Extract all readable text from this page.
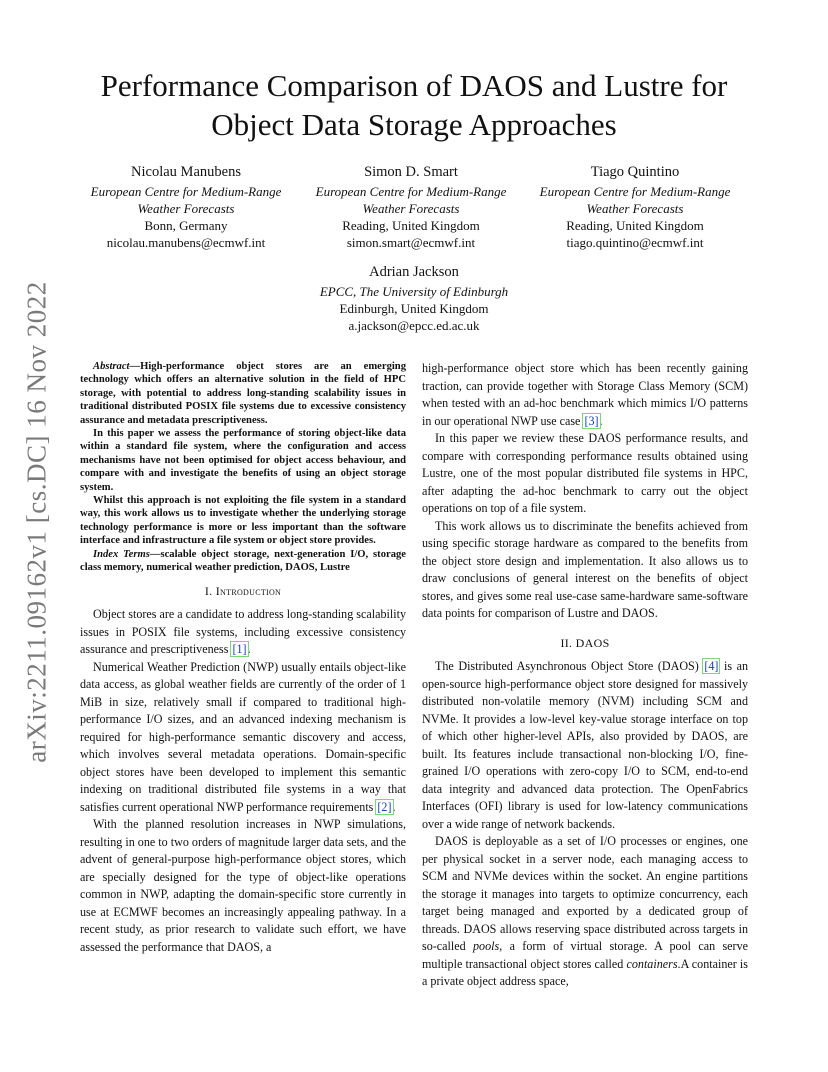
arXiv:2211.09162v1 [cs.DC] 16 Nov 2022
Performance Comparison of DAOS and Lustre for
Object Data Storage Approaches
Nicolau Manubens
European Centre for Medium-Range
Weather Forecasts
Bonn, Germany
nicolau.manubens@ecmwf.int
Simon D. Smart
European Centre for Medium-Range
Weather Forecasts
Reading, United Kingdom
simon.smart@ecmwf.int
Tiago Quintino
European Centre for Medium-Range
Weather Forecasts
Reading, United Kingdom
tiago.quintino@ecmwf.int
Adrian Jackson
EPCC, The University of Edinburgh
Edinburgh, United Kingdom
a.jackson@epcc.ed.ac.uk

Abstract—High-performance object stores are an emerging technology which offers an alternative solution in the field of HPC storage, with potential to address long-standing scalability issues in traditional distributed POSIX file systems due to excessive consistency assurance and metadata prescriptiveness.

In this paper we assess the performance of storing object-like data within a standard file system, where the configuration and access mechanisms have not been optimised for object access behaviour, and compare with and investigate the benefits of using an object storage system.

Whilst this approach is not exploiting the file system in a standard way, this work allows us to investigate whether the underlying storage technology performance is more or less important than the software interface and infrastructure a file system or object store provides.

Index Terms—scalable object storage, next-generation I/O, storage class memory, numerical weather prediction, DAOS, Lustre

I. Introduction

Object stores are a candidate to address long-standing scalability issues in POSIX file systems, including excessive consistency assurance and prescriptiveness [1].

Numerical Weather Prediction (NWP) usually entails object-like data access, as global weather fields are currently of the order of 1 MiB in size, relatively small if compared to traditional high-performance I/O sizes, and an advanced indexing mechanism is required for high-performance semantic discovery and access, which involves several metadata operations. Domain-specific object stores have been developed to implement this semantic indexing on traditional distributed file systems in a way that satisfies current operational NWP performance requirements [2].

With the planned resolution increases in NWP simulations, resulting in one to two orders of magnitude larger data sets, and the advent of general-purpose high-performance object stores, which are specially designed for the type of object-like operations common in NWP, adapting the domain-specific store currently in use at ECMWF becomes an increasingly appealing pathway. In a recent study, as prior research to validate such effort, we have assessed the performance that DAOS, a

high-performance object store which has been recently gaining traction, can provide together with Storage Class Memory (SCM) when tested with an ad-hoc benchmark which mimics I/O patterns in our operational NWP use case [3].

In this paper we review these DAOS performance results, and compare with corresponding performance results obtained using Lustre, one of the most popular distributed file systems in HPC, after adapting the ad-hoc benchmark to carry out the object operations on top of a file system.

This work allows us to discriminate the benefits achieved from using specific storage hardware as compared to the benefits from the object store design and implementation. It also allows us to draw conclusions of general interest on the benefits of object stores, and gives some real use-case same-hardware same-software data points for comparison of Lustre and DAOS.

II. DAOS

The Distributed Asynchronous Object Store (DAOS) [4] is an open-source high-performance object store designed for massively distributed non-volatile memory (NVM) including SCM and NVMe. It provides a low-level key-value storage interface on top of which other higher-level APIs, also provided by DAOS, are built. Its features include transactional non-blocking I/O, fine-grained I/O operations with zero-copy I/O to SCM, end-to-end data integrity and advanced data protection. The OpenFabrics Interfaces (OFI) library is used for low-latency communications over a wide range of network backends.

DAOS is deployable as a set of I/O processes or engines, one per physical socket in a server node, each managing access to SCM and NVMe devices within the socket. An engine partitions the storage it manages into targets to optimize concurrency, each target being managed and exported by a dedicated group of threads. DAOS allows reserving space distributed across targets in so-called pools, a form of virtual storage. A pool can serve multiple transactional object stores called containers.A container is a private object address space,
